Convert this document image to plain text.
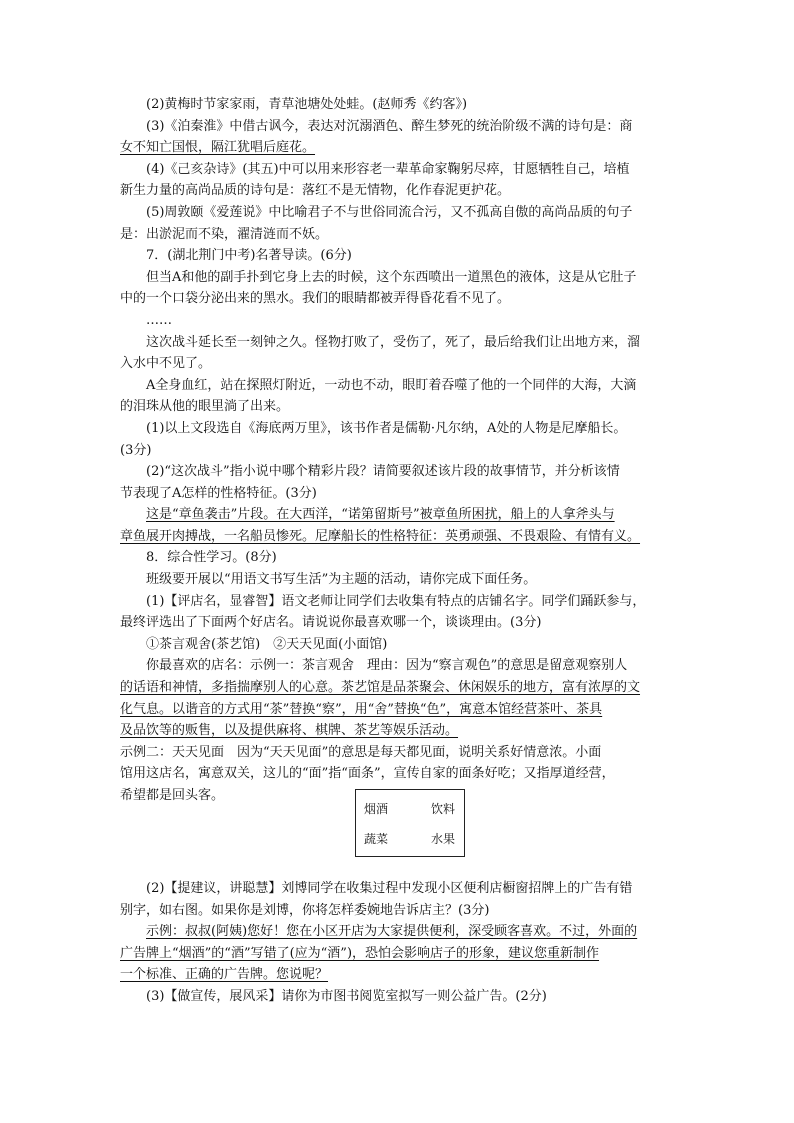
(2)黄梅时节家家雨，青草池塘处处蛙。(赵师秀《约客》)

(3)《泊秦淮》中借古讽今，表达对沉溺酒色、醉生梦死的统治阶级不满的诗句是：商

女不知亡国恨，隔江犹唱后庭花。

(4)《己亥杂诗》(其五)中可以用来形容老一辈革命家鞠躬尽瘁，甘愿牺牲自己，培植

新生力量的高尚品质的诗句是：落红不是无情物，化作春泥更护花。

(5)周敦颐《爱莲说》中比喻君子不与世俗同流合污，又不孤高自傲的高尚品质的句子

是：出淤泥而不染，濯清涟而不妖。

7．(湖北荆门中考)名著导读。(6分)

但当A和他的副手扑到它身上去的时候，这个东西喷出一道黑色的液体，这是从它肚子

中的一个口袋分泌出来的黑水。我们的眼睛都被弄得昏花看不见了。

……

这次战斗延长至一刻钟之久。怪物打败了，受伤了，死了，最后给我们让出地方来，溜

入水中不见了。

A全身血红，站在探照灯附近，一动也不动，眼盯着吞噬了他的一个同伴的大海，大滴

的泪珠从他的眼里淌了出来。

(1)以上文段选自《海底两万里》，该书作者是儒勒·凡尔纳，A处的人物是尼摩船长。

(3分)

(2)“这次战斗”指小说中哪个精彩片段？请简要叙述该片段的故事情节，并分析该情

节表现了A怎样的性格特征。(3分)

这是“章鱼袭击”片段。在大西洋，“诺第留斯号”被章鱼所困扰，船上的人拿斧头与

章鱼展开肉搏战，一名船员惨死。尼摩船长的性格特征：英勇顽强、不畏艰险、有情有义。

8．综合性学习。(8分)

班级要开展以“用语文书写生活”为主题的活动，请你完成下面任务。

(1)【评店名，显睿智】语文老师让同学们去收集有特点的店铺名字。同学们踊跃参与，

最终评选出了下面两个好店名。请说说你最喜欢哪一个，谈谈理由。(3分)

①茶言观舍(茶艺馆)　②天天见面(小面馆)

你最喜欢的店名：示例一：茶言观舍　理由：因为“察言观色”的意思是留意观察别人

的话语和神情，多指揣摩别人的心意。茶艺馆是品茶聚会、休闲娱乐的地方，富有浓厚的文

化气息。以谐音的方式用“茶”替换“察”，用“舍”替换“色”，寓意本馆经营茶叶、茶具

及品饮等的贩售，以及提供麻将、棋牌、茶艺等娱乐活动。

示例二：天天见面　因为“天天见面”的意思是每天都见面，说明关系好情意浓。小面

馆用这店名，寓意双关，这儿的“面”指“面条”，宣传自家的面条好吃；又指厚道经营，

希望都是回头客。

烟酒	饮料
蔬菜	水果

(2)【提建议，讲聪慧】刘博同学在收集过程中发现小区便利店橱窗招牌上的广告有错

别字，如右图。如果你是刘博，你将怎样委婉地告诉店主？(3分)

示例：叔叔(阿姨)您好！您在小区开店为大家提供便利，深受顾客喜欢。不过，外面的

广告牌上“烟酒”的“酒”写错了(应为“酒”)，恐怕会影响店子的形象，建议您重新制作

一个标准、正确的广告牌。您说呢？

(3)【做宣传，展风采】请你为市图书阅览室拟写一则公益广告。(2分)
